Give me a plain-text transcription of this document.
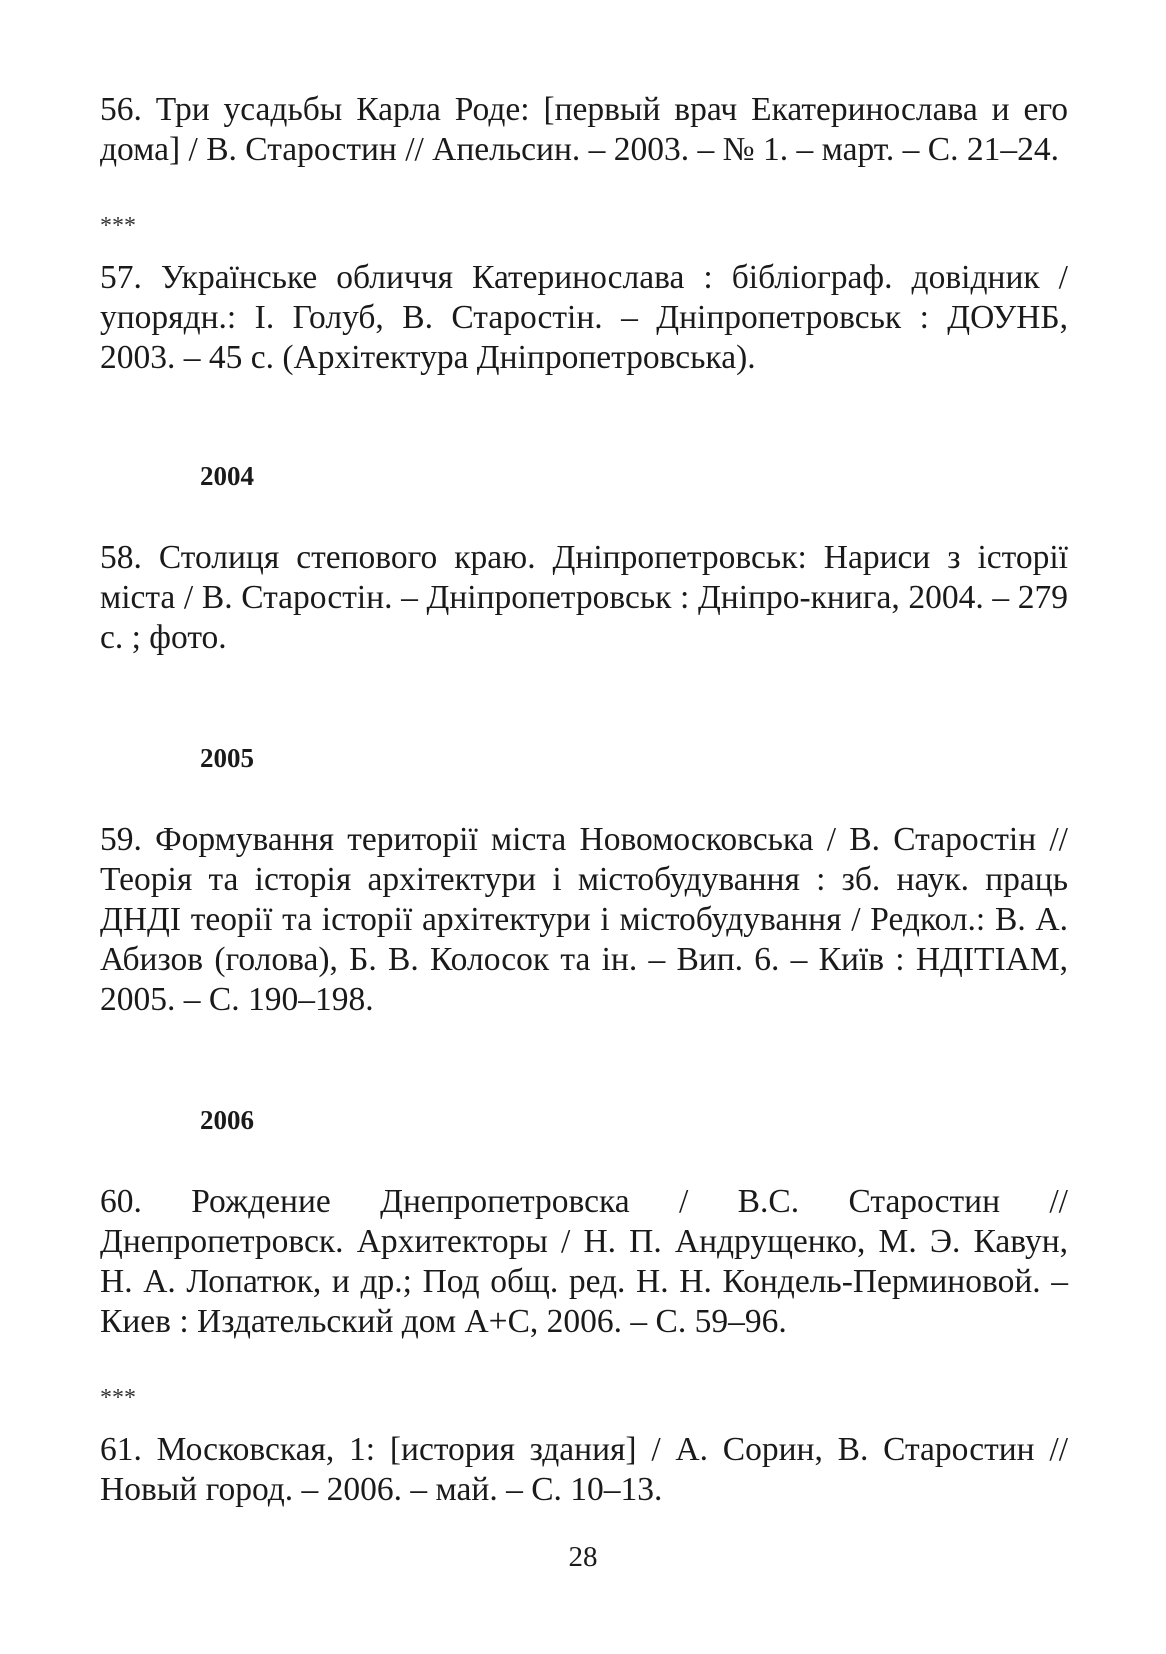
56. Три усадьбы Карла Роде: [первый врач Екатеринослава и его дома] / В. Старостин // Апельсин. – 2003. – № 1. – март. – С. 21–24.

***

57. Українське обличчя Катеринослава : бібліограф. довідник / упорядн.: І. Голуб, В. Старостін. – Дніпропетровськ : ДОУНБ, 2003. – 45 с. (Архітектура Дніпропетровська).

2004

58. Столиця степового краю. Дніпропетровськ: Нариси з історії міста / В. Старостін. – Дніпропетровськ : Дніпро-книга, 2004. – 279 с. ; фото.

2005

59. Формування території міста Новомосковська / В. Старостін // Теорія та історія архітектури і містобудування : зб. наук. праць ДНДІ теорії та історії архітектури і містобудування / Редкол.: В. А. Абизов (голова), Б. В. Колосок та ін. – Вип. 6. – Київ : НДІТІАМ, 2005. – С. 190–198.

2006

60. Рождение Днепропетровска / В.С. Старостин // Днепропетровск. Архитекторы / Н. П. Андрущенко, М. Э. Кавун, Н. А. Лопатюк, и др.; Под общ. ред. Н. Н. Кондель-Перминовой. – Киев : Издательский дом А+С, 2006. – С. 59–96.

***

61. Московская, 1: [история здания] / А. Сорин, В. Старостин // Новый город. – 2006. – май. – С. 10–13.

28
